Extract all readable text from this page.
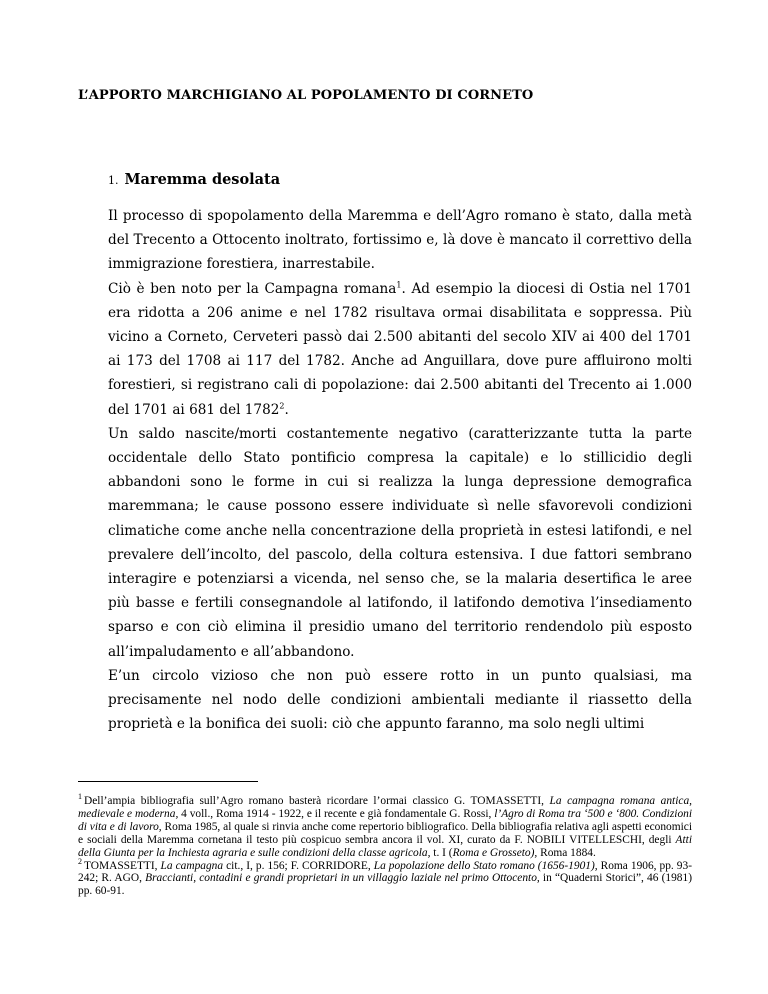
L’APPORTO MARCHIGIANO AL POPOLAMENTO DI CORNETO
1. Maremma desolata

Il processo di spopolamento della Maremma e dell’Agro romano è stato, dalla metà del Trecento a Ottocento inoltrato, fortissimo e, là dove è mancato il correttivo della immigrazione forestiera, inarrestabile.

Ciò è ben noto per la Campagna romana$^1$. Ad esempio la diocesi di Ostia nel 1701 era ridotta a 206 anime e nel 1782 risultava ormai disabilitata e soppressa. Più vicino a Corneto, Cerveteri passò dai 2.500 abitanti del secolo XIV ai 400 del 1701 ai 173 del 1708 ai 117 del 1782. Anche ad Anguillara, dove pure affluirono molti forestieri, si registrano cali di popolazione: dai 2.500 abitanti del Trecento ai 1.000 del 1701 ai 681 del 1782$^2$.

Un saldo nascite/morti costantemente negativo (caratterizzante tutta la parte occidentale dello Stato pontificio compresa la capitale) e lo stillicidio degli abbandoni sono le forme in cui si realizza la lunga depressione demografica maremmana; le cause possono essere individuate sì nelle sfavorevoli condizioni climatiche come anche nella concentrazione della proprietà in estesi latifondi, e nel prevalere dell’incolto, del pascolo, della coltura estensiva. I due fattori sembrano interagire e potenziarsi a vicenda, nel senso che, se la malaria desertifica le aree più basse e fertili consegnandole al latifondo, il latifondo demotiva l’insediamento sparso e con ciò elimina il presidio umano del territorio rendendolo più esposto all’impaludamento e all’abbandono.

E’un circolo vizioso che non può essere rotto in un punto qualsiasi, ma precisamente nel nodo delle condizioni ambientali mediante il riassetto della proprietà e la bonifica dei suoli: ciò che appunto faranno, ma solo negli ultimi

$^1$ Dell’ampia bibliografia sull’Agro romano basterà ricordare l’ormai classico G. TOMASSETTI, La campagna romana antica, medievale e moderna, 4 voll., Roma 1914 - 1922, e il recente e già fondamentale G. Rossi, l’Agro di Roma tra ‘500 e ‘800. Condizioni di vita e di lavoro, Roma 1985, al quale si rinvia anche come repertorio bibliografico. Della bibliografia relativa agli aspetti economici e sociali della Maremma cornetana il testo più cospicuo sembra ancora il vol. XI, curato da F. NOBILI VITELLESCHI, degli Atti della Giunta per la Inchiesta agraria e sulle condizioni della classe agricola, t. I (Roma e Grosseto), Roma 1884.

$^2$ TOMASSETTI, La campagna cit., I, p. 156; F. CORRIDORE, La popolazione dello Stato romano (1656-1901), Roma 1906, pp. 93-242; R. AGO, Braccianti, contadini e grandi proprietari in un villaggio laziale nel primo Ottocento, in “Quaderni Storici”, 46 (1981) pp. 60-91.
